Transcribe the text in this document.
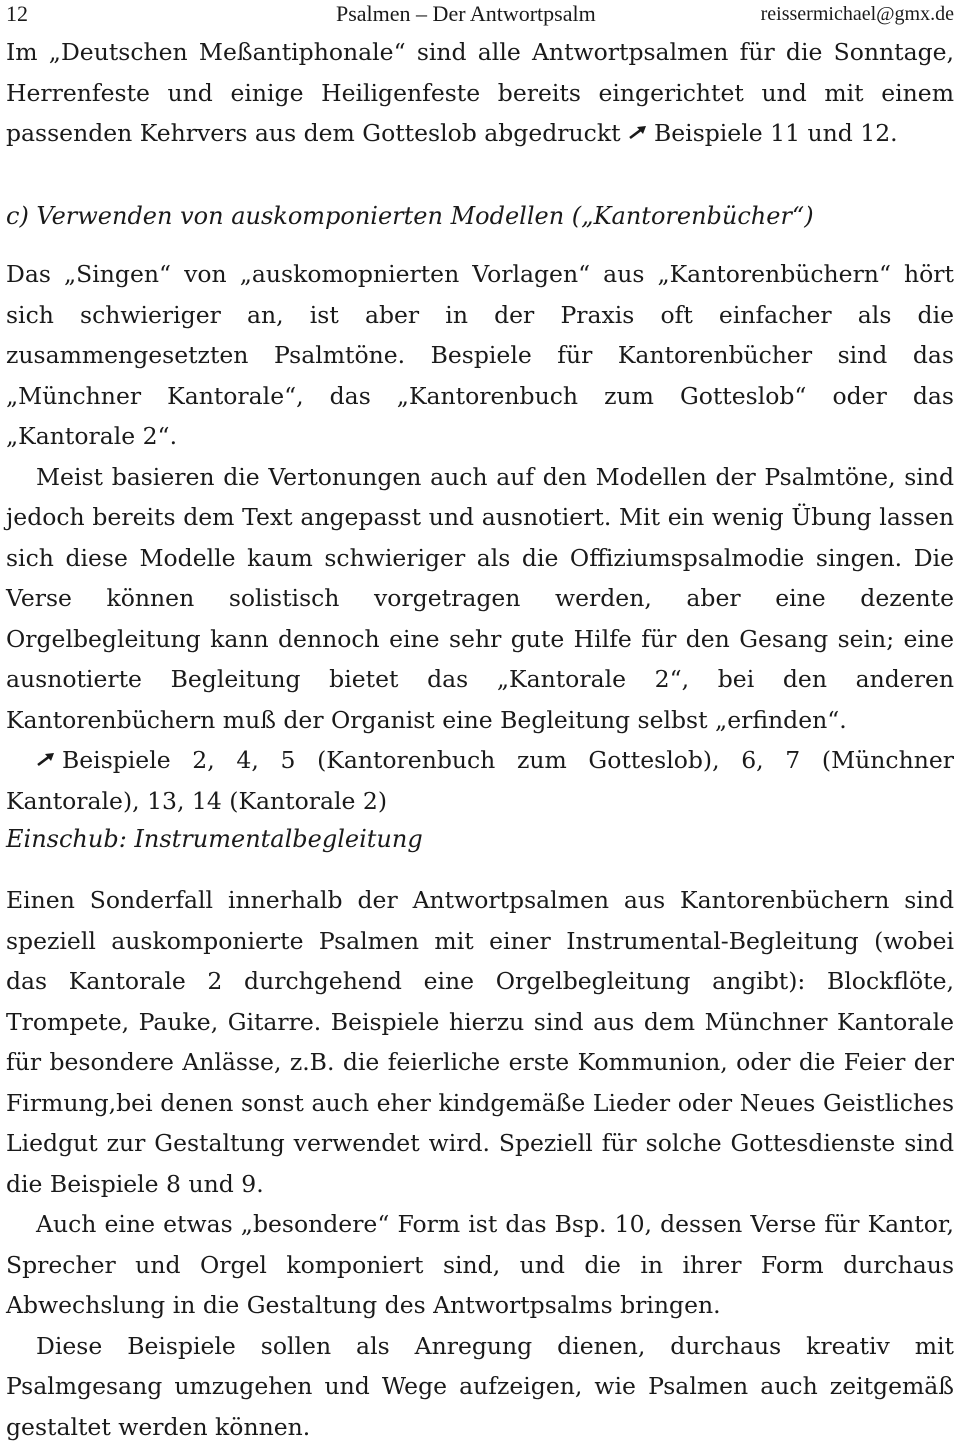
12	Psalmen – Der Antwortpsalm	reissermichael@gmx.de

Im „Deutschen Meßantiphonale“ sind alle Antwortpsalmen für die Sonntage, Herrenfeste und einige Heiligenfeste bereits eingerichtet und mit einem passenden Kehrvers aus dem Gotteslob abgedruckt Beispiele 11 und 12.

c) Verwenden von auskomponierten Modellen („Kantorenbücher“)

Das „Singen“ von „auskomopnierten Vorlagen“ aus „Kantorenbüchern“ hört sich schwieriger an, ist aber in der Praxis oft einfacher als die zusammengesetzten Psalmtöne. Bespiele für Kantorenbücher sind das „Münchner Kantorale“, das „Kantorenbuch zum Gotteslob“ oder das „Kantorale 2“.

Meist basieren die Vertonungen auch auf den Modellen der Psalmtöne, sind jedoch bereits dem Text angepasst und ausnotiert. Mit ein wenig Übung lassen sich diese Modelle kaum schwieriger als die Offiziumspsalmodie singen. Die Verse können solistisch vorgetragen werden, aber eine dezente Orgelbegleitung kann dennoch eine sehr gute Hilfe für den Gesang sein; eine ausnotierte Begleitung bietet das „Kantorale 2“, bei den anderen Kantorenbüchern muß der Organist eine Begleitung selbst „erfinden“.

Beispiele 2, 4, 5 (Kantorenbuch zum Gotteslob), 6, 7 (Münchner Kantorale), 13, 14 (Kantorale 2)

Einschub: Instrumentalbegleitung

Einen Sonderfall innerhalb der Antwortpsalmen aus Kantorenbüchern sind speziell auskomponierte Psalmen mit einer Instrumental-Begleitung (wobei das Kantorale 2 durchgehend eine Orgelbegleitung angibt): Blockflöte, Trompete, Pauke, Gitarre. Beispiele hierzu sind aus dem Münchner Kantorale für besondere Anlässe, z.B. die feierliche erste Kommunion, oder die Feier der Firmung,bei denen sonst auch eher kindgemäße Lieder oder Neues Geistliches Liedgut zur Gestaltung verwendet wird. Speziell für solche Gottesdienste sind die Beispiele 8 und 9.

Auch eine etwas „besondere“ Form ist das Bsp. 10, dessen Verse für Kantor, Sprecher und Orgel komponiert sind, und die in ihrer Form durchaus Abwechslung in die Gestaltung des Antwortpsalms bringen.

Diese Beispiele sollen als Anregung dienen, durchaus kreativ mit Psalmgesang umzugehen und Wege aufzeigen, wie Psalmen auch zeitgemäß gestaltet werden können.
